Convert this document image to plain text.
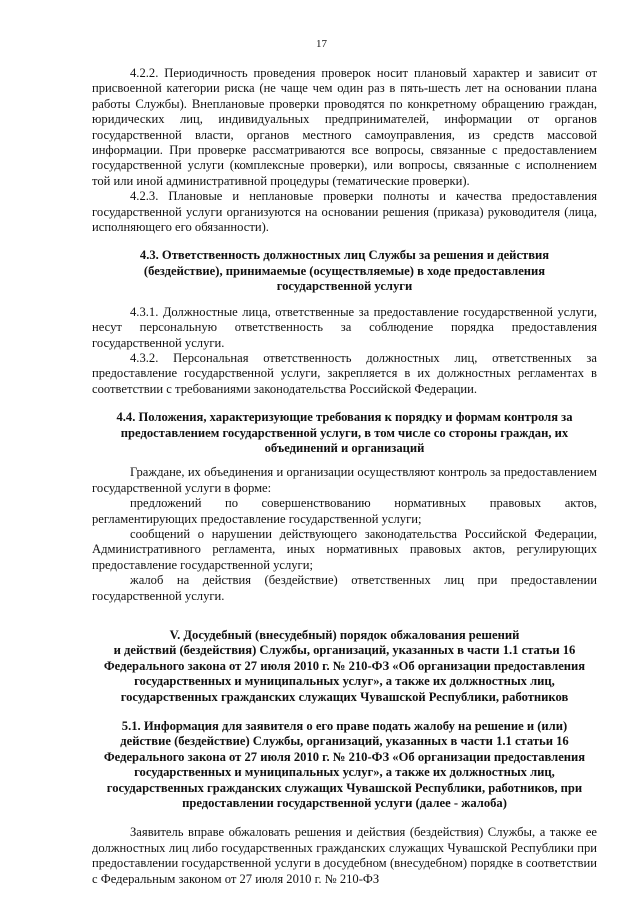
17

4.2.2. Периодичность проведения проверок носит плановый характер и зависит от присвоенной категории риска (не чаще чем один раз в пять-шесть лет на основании плана работы Службы). Внеплановые проверки проводятся по конкретному обращению граждан, юридических лиц, индивидуальных предпринимателей, информации от органов государственной власти, органов местного самоуправления, из средств массовой информации. При проверке рассматриваются все вопросы, связанные с предоставлением государственной услуги (комплексные проверки), или вопросы, связанные с исполнением той или иной административной процедуры (тематические проверки).

4.2.3. Плановые и неплановые проверки полноты и качества предоставления государственной услуги организуются на основании решения (приказа) руководителя (лица, исполняющего его обязанности).

4.3. Ответственность должностных лиц Службы за решения и действия
(бездействие), принимаемые (осуществляемые) в ходе предоставления
государственной услуги

4.3.1. Должностные лица, ответственные за предоставление государственной услуги, несут персональную ответственность за соблюдение порядка предоставления государственной услуги.

4.3.2. Персональная ответственность должностных лиц, ответственных за предоставление государственной услуги, закрепляется в их должностных регламентах в соответствии с требованиями законодательства Российской Федерации.

4.4. Положения, характеризующие требования к порядку и формам контроля за
предоставлением государственной услуги, в том числе со стороны граждан, их
объединений и организаций

Граждане, их объединения и организации осуществляют контроль за предоставлением государственной услуги в форме:

предложений по совершенствованию нормативных правовых актов, регламентирующих предоставление государственной услуги;

сообщений о нарушении действующего законодательства Российской Федерации, Административного регламента, иных нормативных правовых актов, регулирующих предоставление государственной услуги;

жалоб на действия (бездействие) ответственных лиц при предоставлении государственной услуги.

V. Досудебный (внесудебный) порядок обжалования решений
и действий (бездействия) Службы, организаций, указанных в части 1.1 статьи 16
Федерального закона от 27 июля 2010 г. № 210-ФЗ «Об организации предоставления
государственных и муниципальных услуг», а также их должностных лиц,
государственных гражданских служащих Чувашской Республики, работников
5.1. Информация для заявителя о его праве подать жалобу на решение и (или)
действие (бездействие) Службы, организаций, указанных в части 1.1 статьи 16
Федерального закона от 27 июля 2010 г. № 210-ФЗ «Об организации предоставления
государственных и муниципальных услуг», а также их должностных лиц,
государственных гражданских служащих Чувашской Республики, работников, при
предоставлении государственной услуги (далее - жалоба)

Заявитель вправе обжаловать решения и действия (бездействия) Службы, а также ее должностных лиц либо государственных гражданских служащих Чувашской Республики при предоставлении государственной услуги в досудебном (внесудебном) порядке в соответствии с Федеральным законом от 27 июля 2010 г. № 210-ФЗ
